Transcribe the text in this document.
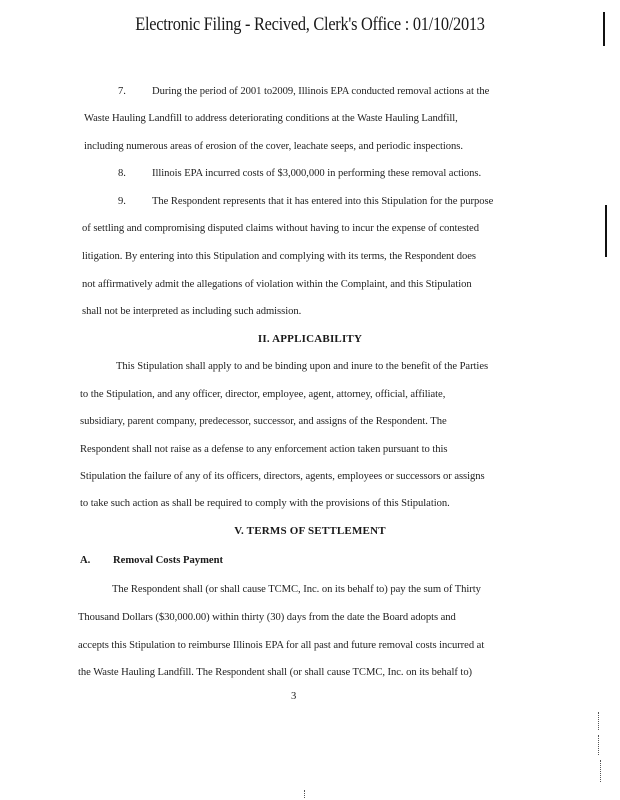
Electronic Filing - Recived, Clerk's Office : 01/10/2013
7. During the period of 2001 to2009, Illinois EPA conducted removal actions at the
Waste Hauling Landfill to address deteriorating conditions at the Waste Hauling Landfill,
including numerous areas of erosion of the cover, leachate seeps, and periodic inspections.
8. Illinois EPA incurred costs of $3,000,000 in performing these removal actions.
9. The Respondent represents that it has entered into this Stipulation for the purpose
of settling and compromising disputed claims without having to incur the expense of contested
litigation. By entering into this Stipulation and complying with its terms, the Respondent does
not affirmatively admit the allegations of violation within the Complaint, and this Stipulation
shall not be interpreted as including such admission.
II. APPLICABILITY
This Stipulation shall apply to and be binding upon and inure to the benefit of the Parties
to the Stipulation, and any officer, director, employee, agent, attorney, official, affiliate,
subsidiary, parent company, predecessor, successor, and assigns of the Respondent. The
Respondent shall not raise as a defense to any enforcement action taken pursuant to this
Stipulation the failure of any of its officers, directors, agents, employees or successors or assigns
to take such action as shall be required to comply with the provisions of this Stipulation.
V. TERMS OF SETTLEMENT
A. Removal Costs Payment
The Respondent shall (or shall cause TCMC, Inc. on its behalf to) pay the sum of Thirty
Thousand Dollars ($30,000.00) within thirty (30) days from the date the Board adopts and
accepts this Stipulation to reimburse Illinois EPA for all past and future removal costs incurred at
the Waste Hauling Landfill. The Respondent shall (or shall cause TCMC, Inc. on its behalf to)
3
